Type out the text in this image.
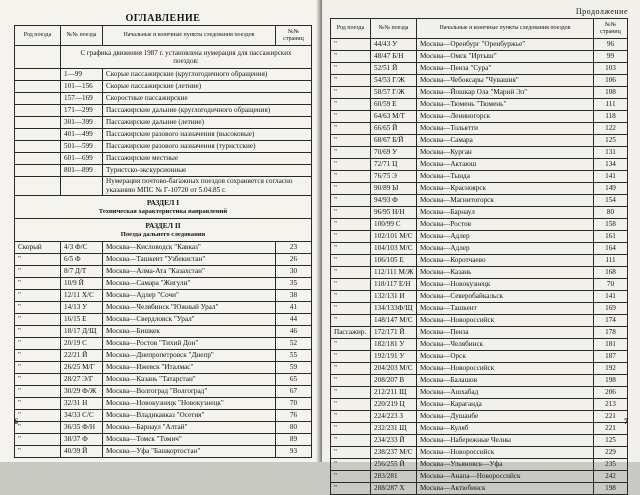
ОГЛАВЛЕНИЕ
Род поезда	№№ поезда	Начальные и конечные пункты следования поездов	№№ страниц
	С графика движения 1987 г. установлена нумерация для пассажирских поездов:		
	1—99	Скорые пассажирские (круглогодичного обращения)	
	101—156	Скорые пассажирские (летние)	
	157—169	Скоростные пассажирские	
	171—299	Пассажирские дальние (круглогодичного обращения)	
	301—399	Пассажирские дальние (летние)	
	401—499	Пассажирские разового назначения (высоковые)	
	501—599	Пассажирские разового назначения (туристские)	
	601—699	Пассажирские местные	
	801—899	Туристско-экскурсионные	
		Нумерация почтово-багажных поездов сохраняется согласно указанию МПС № Г-10720 от 5.04.85 г.	
РАЗДЕЛ I
Техническая характеристика направлений			

РАЗДЕЛ II
Поезда дальнего следования			

Скорый	4/3 Ф/С	Москва—Кисловодск "Кавказ"	23
"	6/5 Ф	Москва—Ташкент "Узбекистан"	26
"	8/7 Д/Т	Москва—Алма-Ата "Казахстан"	30
"	10/9 Й	Москва—Самара "Жигули"	35
"	12/11 Х/С	Москва—Адлер "Сочи"	38
"	14/13 У	Москва—Челябинск "Южный Урал"	41
"	16/15 Е	Москва—Свердловск "Урал"	44
"	18/17 Д/Щ	Москва—Бишкек	46
"	20/19 С	Москва—Ростов "Тихий Дон"	52
"	22/21 Й	Москва—Днепропетровск "Днепр"	55
"	26/25 М/Г	Москва—Ижевск "Италмас"	59
"	28/27 Э/Г	Москва—Казань "Татарстан"	65
"	30/29 Ф/Ж	Москва—Волгоград "Волгоград"	67
"	32/31 Н	Москва—Новокузнецк "Новокузнецк"	70
"	34/33 С/С	Москва—Владикавказ "Осетия"	76
"	36/35 Ф/Н	Москва—Барнаул "Алтай"	80
"	38/37 Ф	Москва—Томск "Томич"	89
"	40/39 Й	Москва—Уфа "Башкортостан"	93
6
Продолжение
Род поезда	№№ поезда	Начальные и конечные пункты следования поездов	№№ страниц
"	44/43 У	Москва—Оренбург "Оренбуржье"	96
"	48/47 Б/Н	Москва—Омск "Иртыш"	99
"	52/51 Й	Москва—Пенза "Сура"	103
"	54/53 Г/Ж	Москва—Чебоксары "Чувашия"	106
"	58/57 Г/Ж	Москва—Йошкар Ола "Марий Эл"	108
"	60/59 Е	Москва—Тюмень "Тюмень"	111
"	64/63 М/Т	Москва—Лениногорск	118
"	66/65 Й	Москва—Тольятти	122
"	68/67 Б/Й	Москва—Самара	125
"	70/69 У	Москва—Курган	131
"	72/71 Ц	Москва—Актаюш	134
"	76/75 Э	Москва—Тында	141
"	90/89 Ы	Москва—Красноярск	149
"	94/93 Ф	Москва—Магнитогорск	154
"	96/95 Н/Н	Москва—Барнаул	80
"	100/99 С	Москва—Ростов	158
"	102/101 М/С	Москва—Адлер	161
"	104/103 М/С	Москва—Адлер	164
"	106/105 Е	Москва—Коротчаево	111
"	112/111 М/Ж	Москва—Казань	168
"	118/117 Е/Н	Москва—Новокузнецк	70
"	132/131 И	Москва—Северобайкальск	141
"	134/133Ф/Щ	Москва—Ташкент	169
"	148/147 М/С	Москва—Новороссийск	174
Пассажир.	172/171 Й	Москва—Пенза	178
"	182/181 У	Москва—Челябинск	181
"	192/191 У	Москва—Орск	187
"	204/203 М/С	Москва—Новороссийск	192
"	208/207 В	Москва—Балашов	198
"	212/211 Щ	Москва—Ашхабад	206
"	220/219 Ц	Москва—Караганда	213
"	224/223 З	Москва—Душанбе	221
"	232/231 Щ	Москва—Куляб	221
"	234/233 Й	Москва—Набережные Челны	125
"	238/237 М/С	Москва—Новороссийск	229
"	256/255 Й	Москва—Ульяновск—Уфа	235
"	283/281	Москва—Анапа—Новороссийск	242
"	288/287 Х	Москва—Актюбинск	198
7
